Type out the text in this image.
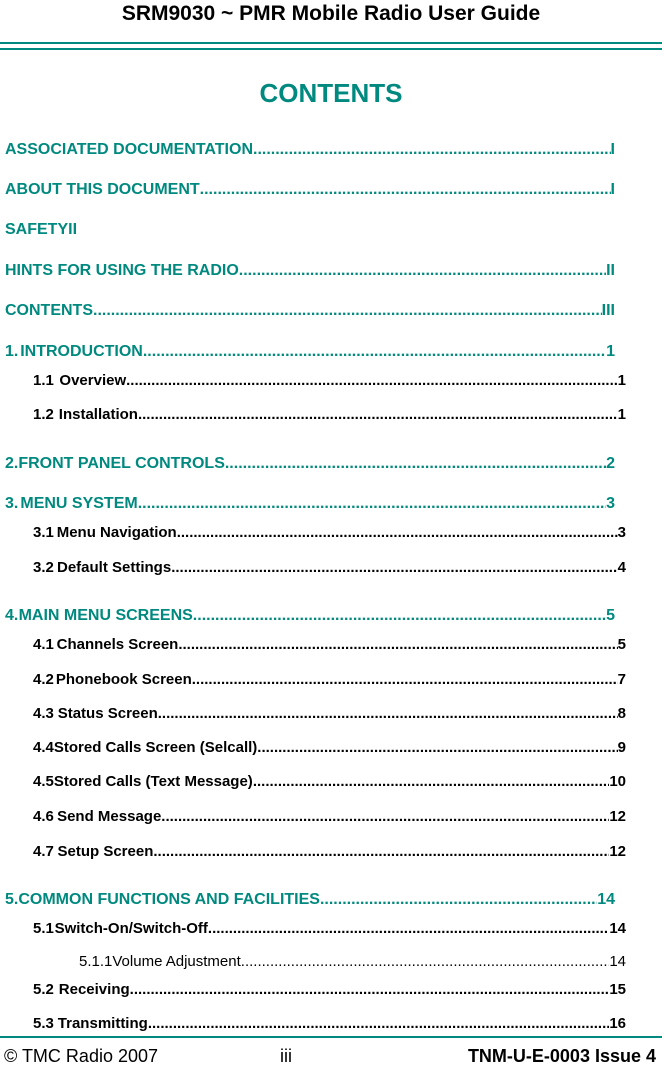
SRM9030 ~ PMR Mobile Radio User Guide
CONTENTS
ASSOCIATED DOCUMENTATION .....	I
ABOUT THIS DOCUMENT .....	I
SAFETYII
HINTS FOR USING THE RADIO .....	II
CONTENTS .....	III
1. INTRODUCTION .....	1
1.1 Overview .....	1
1.2 Installation .....	1
2. FRONT PANEL CONTROLS .....	2
3. MENU SYSTEM .....	3
3.1 Menu Navigation .....	3
3.2 Default Settings .....	4
4. MAIN MENU SCREENS .....	5
4.1 Channels Screen .....	5
4.2 Phonebook Screen .....	7
4.3 Status Screen .....	8
4.4 Stored Calls Screen (Selcall) .....	9
4.5 Stored Calls (Text Message) .....	10
4.6 Send Message .....	12
4.7 Setup Screen .....	12
5. COMMON FUNCTIONS AND FACILITIES .....	14
5.1 Switch-On/Switch-Off .....	14
5.1.1 Volume Adjustment .....	14
5.2 Receiving .....	15
5.3 Transmitting .....	16
© TMC Radio 2007	iii	TNM-U-E-0003 Issue 4
